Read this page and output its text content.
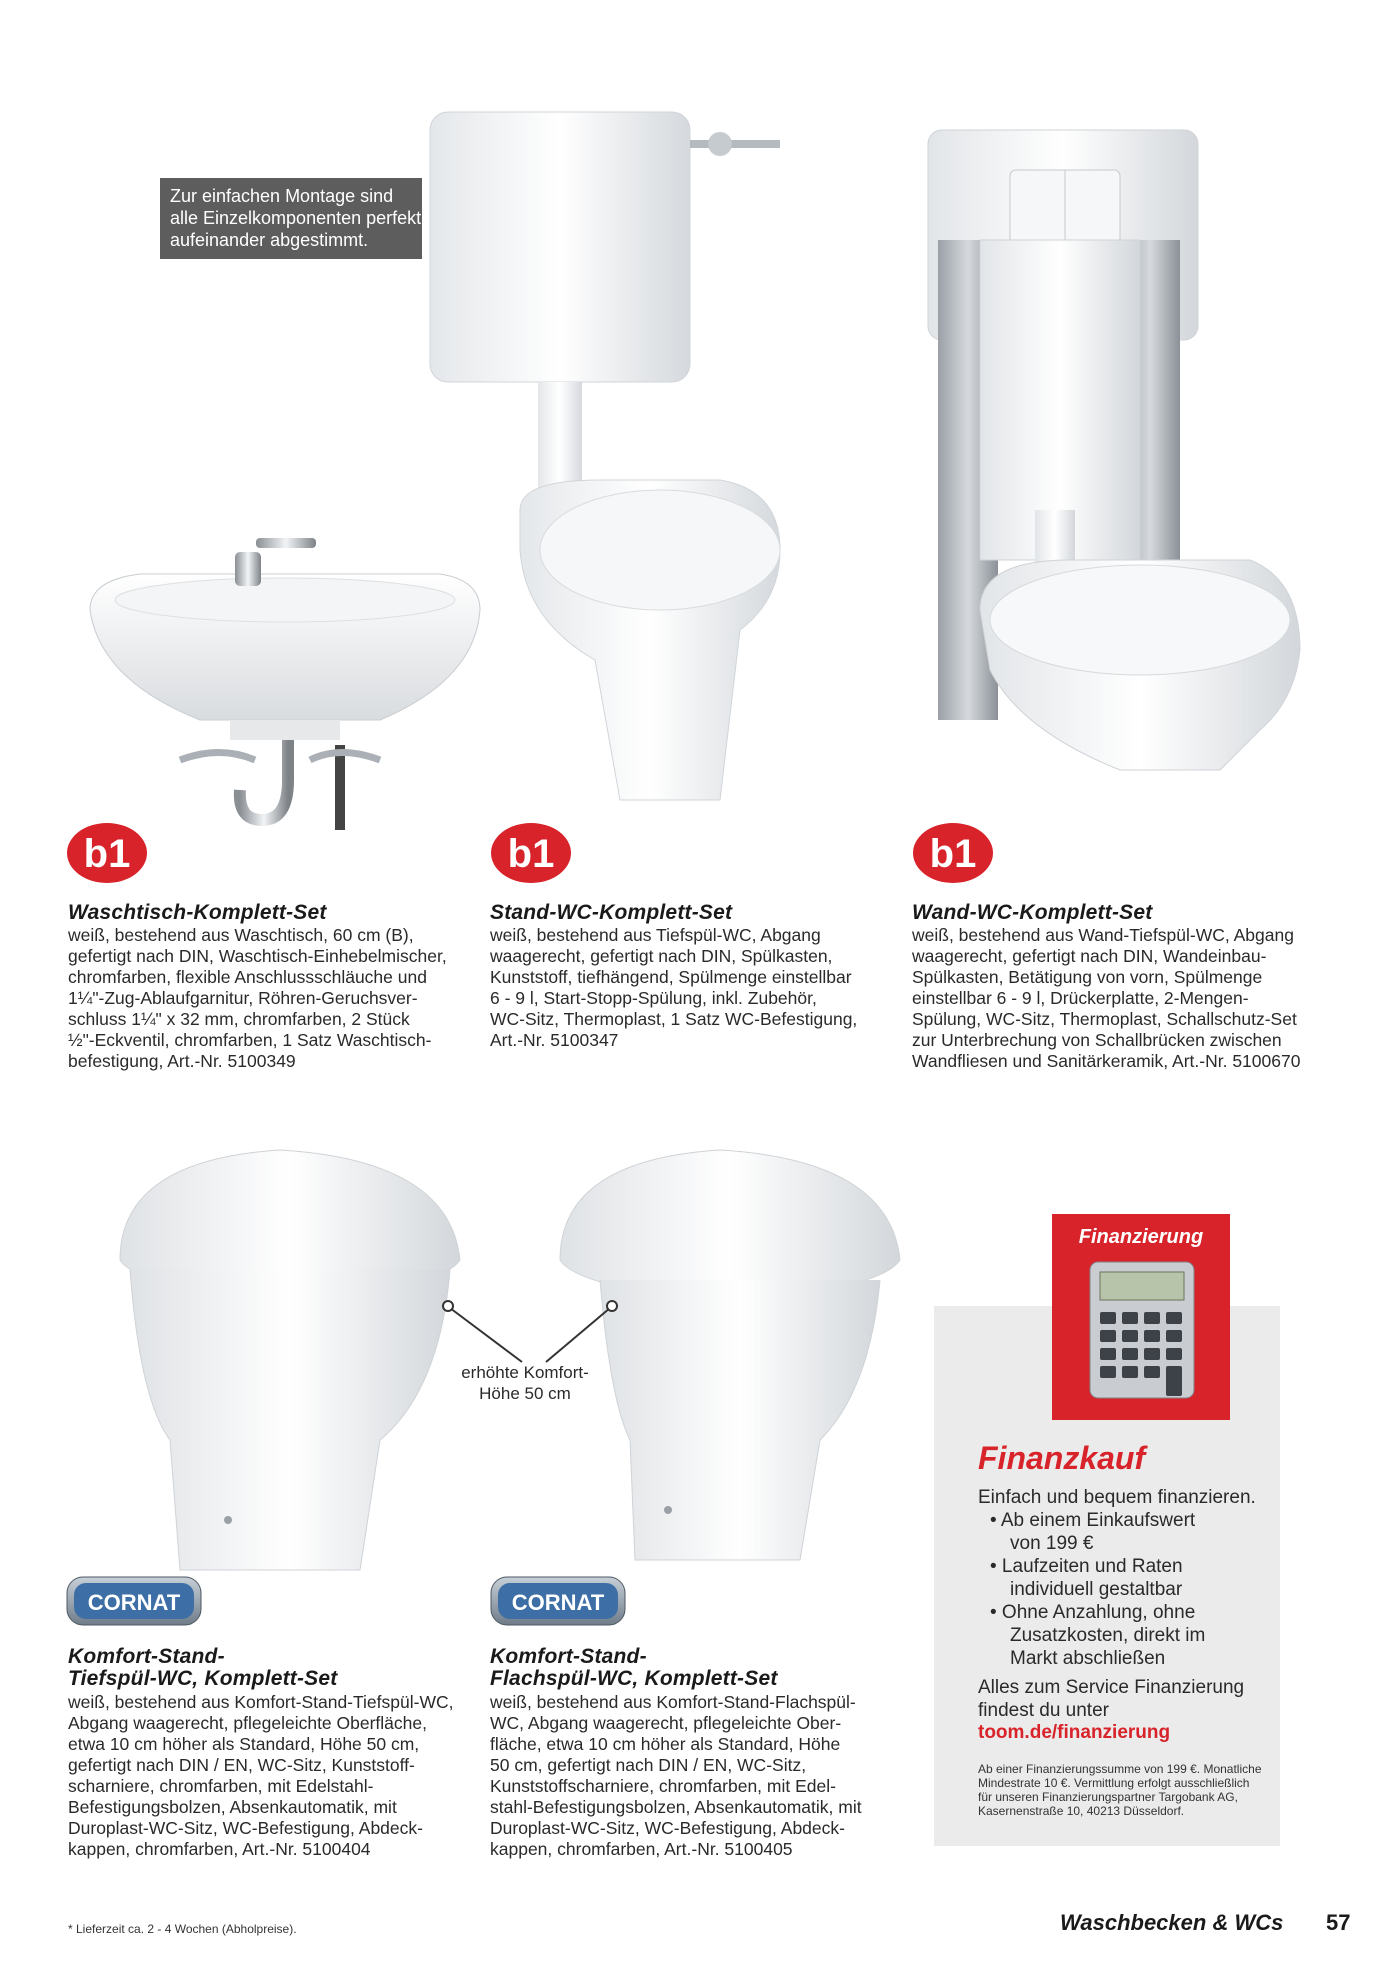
Zur einfachen Montage sind
alle Einzelkomponenten perfekt
aufeinander abgestimmt.
b1	b1	b1
Waschtisch-Komplett-Set
weiß, bestehend aus Waschtisch, 60 cm (B),
gefertigt nach DIN, Waschtisch-Einhebelmischer,
chromfarben, flexible Anschlussschläuche und
1¼"-Zug-Ablaufgarnitur, Röhren-Geruchsver-
schluss 1¼" x 32 mm, chromfarben, 2 Stück
½"-Eckventil, chromfarben, 1 Satz Waschtisch-
befestigung, Art.-Nr. 5100349
Stand-WC-Komplett-Set
weiß, bestehend aus Tiefspül-WC, Abgang
waagerecht, gefertigt nach DIN, Spülkasten,
Kunststoff, tiefhängend, Spülmenge einstellbar
6 - 9 l, Start-Stopp-Spülung, inkl. Zubehör,
WC-Sitz, Thermoplast, 1 Satz WC-Befestigung,
Art.-Nr. 5100347
Wand-WC-Komplett-Set
weiß, bestehend aus Wand-Tiefspül-WC, Abgang
waagerecht, gefertigt nach DIN, Wandeinbau-
Spülkasten, Betätigung von vorn, Spülmenge
einstellbar 6 - 9 l, Drückerplatte, 2-Mengen-
Spülung, WC-Sitz, Thermoplast, Schallschutz-Set
zur Unterbrechung von Schallbrücken zwischen
Wandfliesen und Sanitärkeramik, Art.-Nr. 5100670
erhöhte Komfort-
Höhe 50 cm
CORNAT	CORNAT
Komfort-Stand-
Tiefspül-WC, Komplett-Set
weiß, bestehend aus Komfort-Stand-Tiefspül-WC,
Abgang waagerecht, pflegeleichte Oberfläche,
etwa 10 cm höher als Standard, Höhe 50 cm,
gefertigt nach DIN / EN, WC-Sitz, Kunststoff-
scharniere, chromfarben, mit Edelstahl-
Befestigungsbolzen, Absenkautomatik, mit
Duroplast-WC-Sitz, WC-Befestigung, Abdeck-
kappen, chromfarben, Art.-Nr. 5100404
Komfort-Stand-
Flachspül-WC, Komplett-Set
weiß, bestehend aus Komfort-Stand-Flachspül-
WC, Abgang waagerecht, pflegeleichte Ober-
fläche, etwa 10 cm höher als Standard, Höhe
50 cm, gefertigt nach DIN / EN, WC-Sitz,
Kunststoffscharniere, chromfarben, mit Edel-
stahl-Befestigungsbolzen, Absenkautomatik, mit
Duroplast-WC-Sitz, WC-Befestigung, Abdeck-
kappen, chromfarben, Art.-Nr. 5100405
Finanzierung
Finanzkauf
Einfach und bequem finanzieren.
• Ab einem Einkaufswert
von 199 €
• Laufzeiten und Raten
individuell gestaltbar
• Ohne Anzahlung, ohne
Zusatzkosten, direkt im
Markt abschließen
Alles zum Service Finanzierung
findest du unter
toom.de/finanzierung
Ab einer Finanzierungssumme von 199 €. Monatliche
Mindestrate 10 €. Vermittlung erfolgt ausschließlich
für unseren Finanzierungspartner Targobank AG,
Kasernenstraße 10, 40213 Düsseldorf.
* Lieferzeit ca. 2 - 4 Wochen (Abholpreise).	Waschbecken & WCs 57
